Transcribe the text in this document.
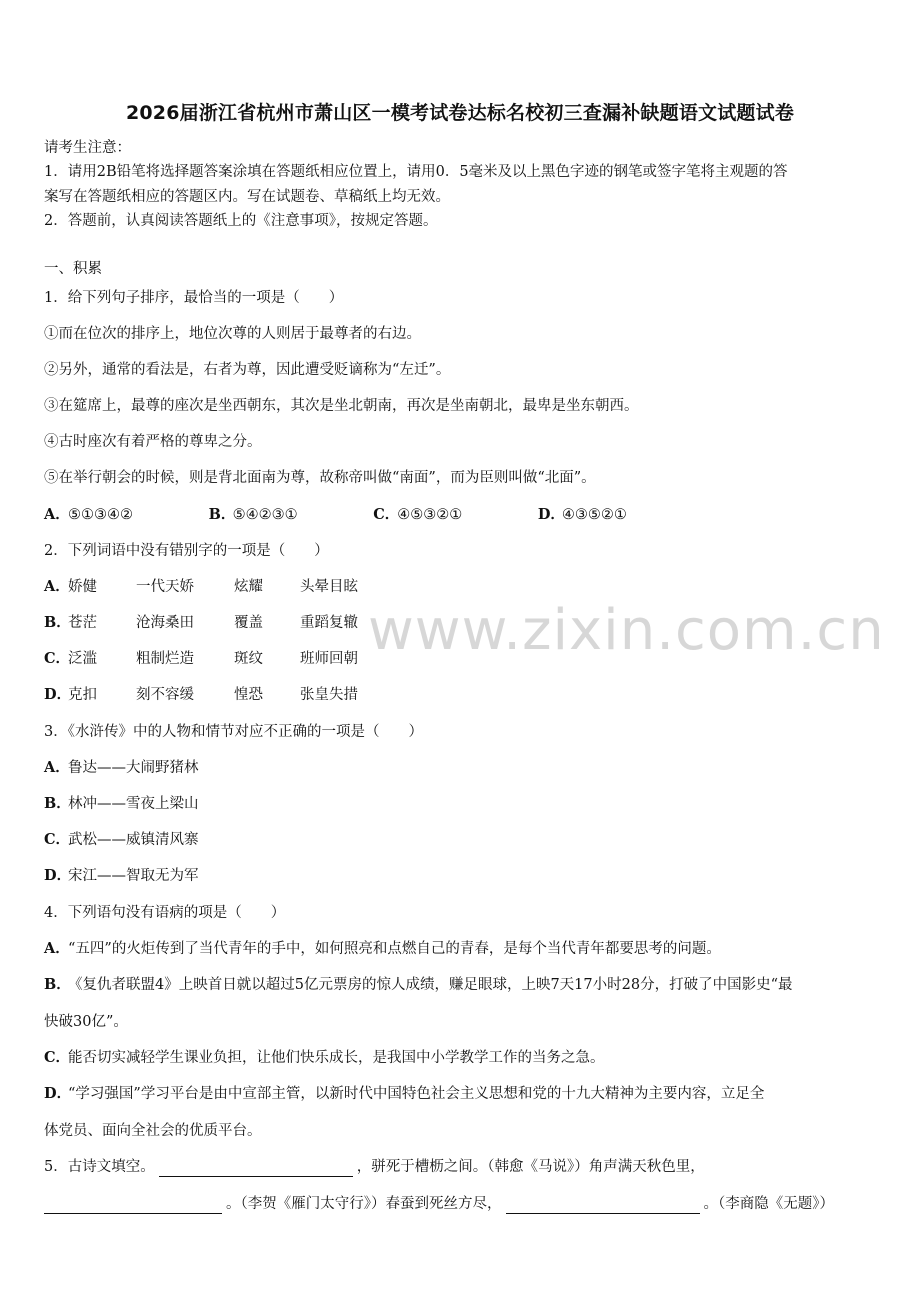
2026届浙江省杭州市萧山区一模考试卷达标名校初三查漏补缺题语文试题试卷
请考生注意：
1．请用2B铅笔将选择题答案涂填在答题纸相应位置上，请用0．5毫米及以上黑色字迹的钢笔或签字笔将主观题的答
案写在答题纸相应的答题区内。写在试题卷、草稿纸上均无效。
2．答题前，认真阅读答题纸上的《注意事项》，按规定答题。
一、积累
1．给下列句子排序，最恰当的一项是（　　）
①而在位次的排序上，地位次尊的人则居于最尊者的右边。
②另外，通常的看法是，右者为尊，因此遭受贬谪称为“左迁”。
③在筵席上，最尊的座次是坐西朝东，其次是坐北朝南，再次是坐南朝北，最卑是坐东朝西。
④古时座次有着严格的尊卑之分。
⑤在举行朝会的时候，则是背北面南为尊，故称帝叫做“南面”，而为臣则叫做“北面”。
A．⑤①③④②	B．⑤④②③①	C．④⑤③②①	D．④③⑤②①
2．下列词语中没有错别字的一项是（　　）
A．娇健	一代天娇	炫耀	头晕目眩
B．苍茫	沧海桑田	覆盖	重蹈复辙
C．泛滥	粗制烂造	斑纹	班师回朝
D．克扣	刻不容缓	惶恐	张皇失措
3．《水浒传》中的人物和情节对应不正确的一项是（　　）
A．鲁达——大闹野猪林
B．林冲——雪夜上梁山
C．武松——威镇清风寨
D．宋江——智取无为军
4．下列语句没有语病的项是（　　）
A．“五四”的火炬传到了当代青年的手中，如何照亮和点燃自己的青春，是每个当代青年都要思考的问题。
B．《复仇者联盟4》上映首日就以超过5亿元票房的惊人成绩，赚足眼球，上映7天17小时28分，打破了中国影史“最
快破30亿”。
C．能否切实减轻学生课业负担，让他们快乐成长，是我国中小学教学工作的当务之急。
D．“学习强国”学习平台是由中宣部主管，以新时代中国特色社会主义思想和党的十九大精神为主要内容，立足全
体党员、面向全社会的优质平台。
5．古诗文填空。	，骈死于槽枥之间。（韩愈《马说》）角声满天秋色里，
。（李贺《雁门太守行》）春蚕到死丝方尽，	。（李商隐《无题》）
www.zixin.com.cn
